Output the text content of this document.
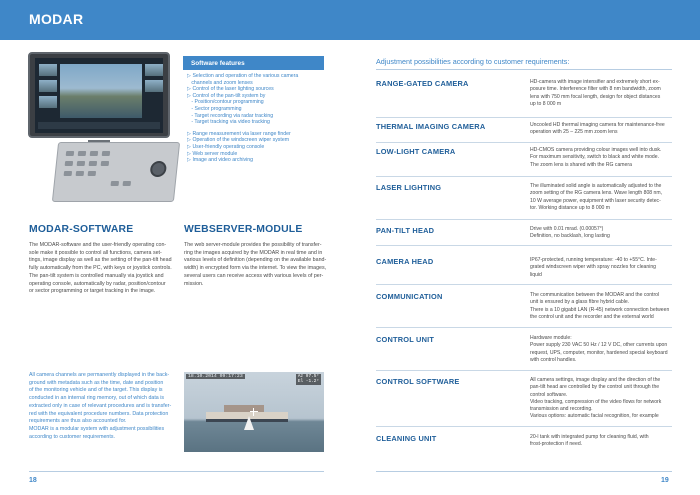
MODAR
Software features
▷ Selection and operation of the various camera
channels and zoom lenses
▷ Control of the laser lighting sources
▷ Control of the pan-tilt system by
- Position/contour programming
- Sector programming
- Target recording via radar tracking
- Target tracking via video tracking
▷ Range measurement via laser range finder
▷ Operation of the windscreen wiper system
▷ User-friendly operating console
▷ Web server module
▷ Image and video archiving
MODAR-SOFTWARE
The MODAR-software and the user-friendly operating con-
sole make it possible to control all functions, camera set-
tings, image display as well as the setting of the pan-tilt head
fully automatically from the PC, with keys or joystick controls.
The pan-tilt system is controlled manually via joystick and
operating console, automatically by radar, position/contour
or sector programming or target tracking in the image.
WEBSERVER-MODULE
The web server-module provides the possibility of transfer-
ring the images acquired by the MODAR in real time and in
various levels of definition (depending on the available band-
width) in encrypted form via the internet. To view the images,
several users can receive access with various levels of per-
mission.
All camera channels are permanently displayed in the back-
ground with metadata such as the time, date and position
of the monitoring vehicle and of the target. This display is
conducted in an internal ring memory, out of which data is
extracted only in case of relevant procedures and is transfer-
red with the equivalent procedure numbers. Data protection
requirements are thus also accounted for.
MODAR is a modular system with adjustment possibilities
according to customer requirements.
18.10.2014 09:17:23	Az 97.5°
El -1.2°
18	19
Adjustment possibilities according to customer requirements:
RANGE-GATED CAMERA	HD-camera with image intensifier and extremely short ex-
posure time. Interference filter with 8 nm bandwidth, zoom
lens with 750 mm focal length, design for object distances
up to 8 000 m
THERMAL IMAGING CAMERA	Uncooled HD thermal imaging camera for maintenance-free
operation with 25 – 225 mm zoom lens
LOW-LIGHT CAMERA	HD-CMOS camera providing colour images well into dusk.
For maximum sensitivity, switch to black and white mode.
The zoom lens is shared with the RG camera
LASER LIGHTING	The illuminated solid angle is automatically adjusted to the
zoom setting of the RG camera lens. Wave length 808 nm,
10 W average power, equipment with laser security detec-
tor. Working distance up to 8 000 m
PAN-TILT HEAD	Drive with 0.01 mrad. (0.00057°)
Definition, no backlash, long lasting
CAMERA HEAD	IP67-protected, running temperature: -40 to +55°C. Inte-
grated windscreen wiper with spray nozzles for cleaning
liquid
COMMUNICATION	The communication between the MODAR and the control
unit is ensured by a glass fibre hybrid cable.
There is a 10 gigabit LAN (R-45) network connection between
the control unit and the recorder and the external world
CONTROL UNIT	Hardware module:
Power supply 230 VAC 50 Hz / 12 V DC, other currents upon
request, UPS, computer, monitor, hardened special keyboard
with control handles.
CONTROL SOFTWARE	All camera settings, image display and the direction of the
pan-tilt head are controlled by the control unit through the
control software.
Video tracking, compression of the video flows for network
transmission and recording.
Various options: automatic facial recognition, for example
CLEANING UNIT	20-l tank with integrated pump for cleaning fluid, with
frost-protection if need.
